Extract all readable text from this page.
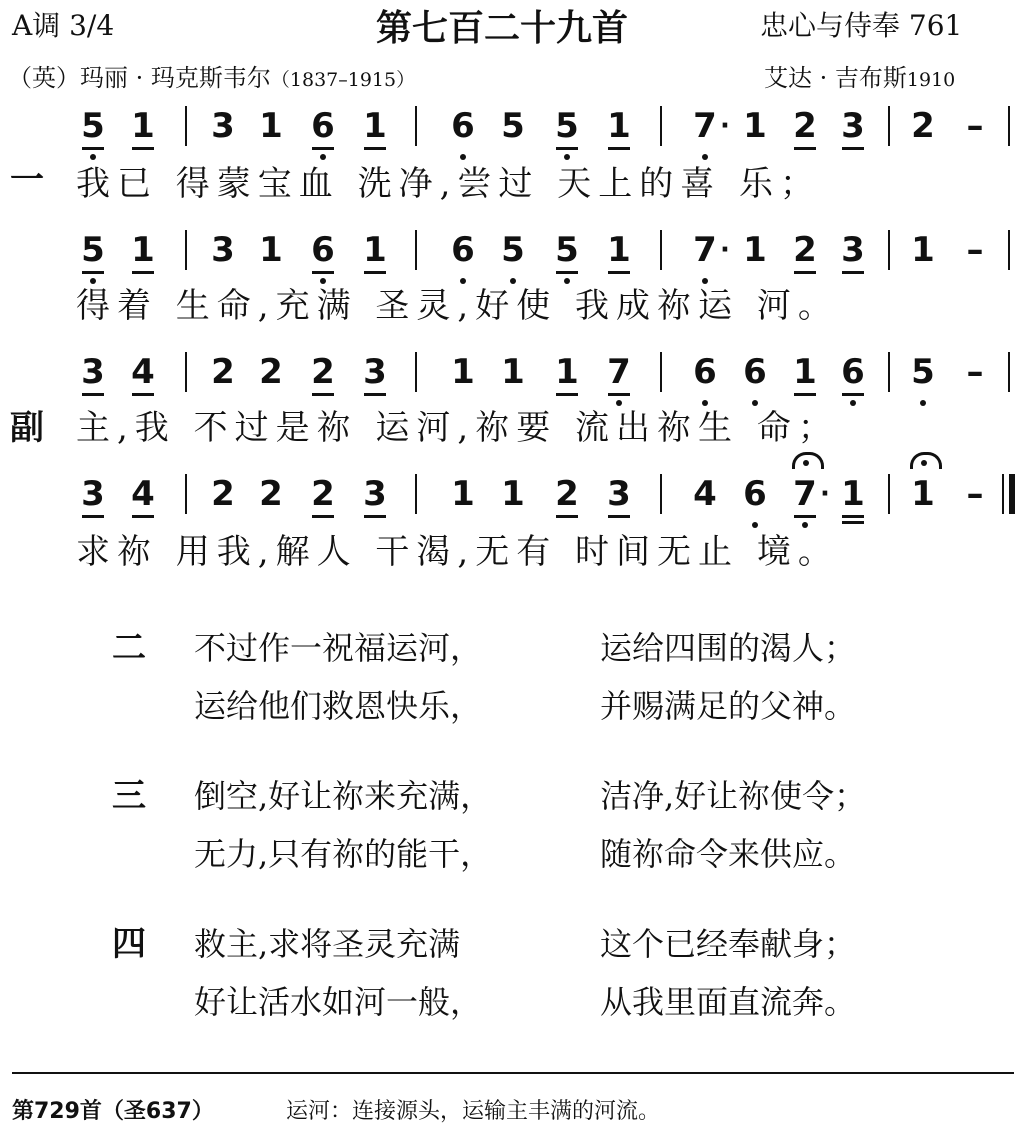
A调 3/4	第七百二十九首	忠心与侍奉 761
（英）玛丽 · 玛克斯韦尔（1837–1915）	艾达 · 吉布斯1910
5 1 3 1 6 1 6 5 5 1 7 · 1 2 3 2 –
5 1 3 1 6 1 6 5 5 1 7 · 1 2 3 1 –
3 4 2 2 2 3 1 1 1 7 6 6 1 6 5 –
3 4 2 2 2 3 1 1 2 3 4 6 7 · 1 1 –
一
副
我已 得蒙宝血 洗净,尝过 天上的喜 乐；
得着 生命,充满 圣灵,好使 我成祢运 河。
主,我 不过是祢 运河,祢要 流出祢生 命；
求祢 用我,解人 干渴,无有 时间无止 境。
二 不过作一祝福运河，	运给四围的渴人；
运给他们救恩快乐，	并赐满足的父神。
三 倒空,好让祢来充满，	洁净,好让祢使令；
无力,只有祢的能干，	随祢命令来供应。
四 救主,求将圣灵充满	这个已经奉献身；
好让活水如河一般，	从我里面直流奔。
第729首（圣637）	运河：连接源头，运输主丰满的河流。
